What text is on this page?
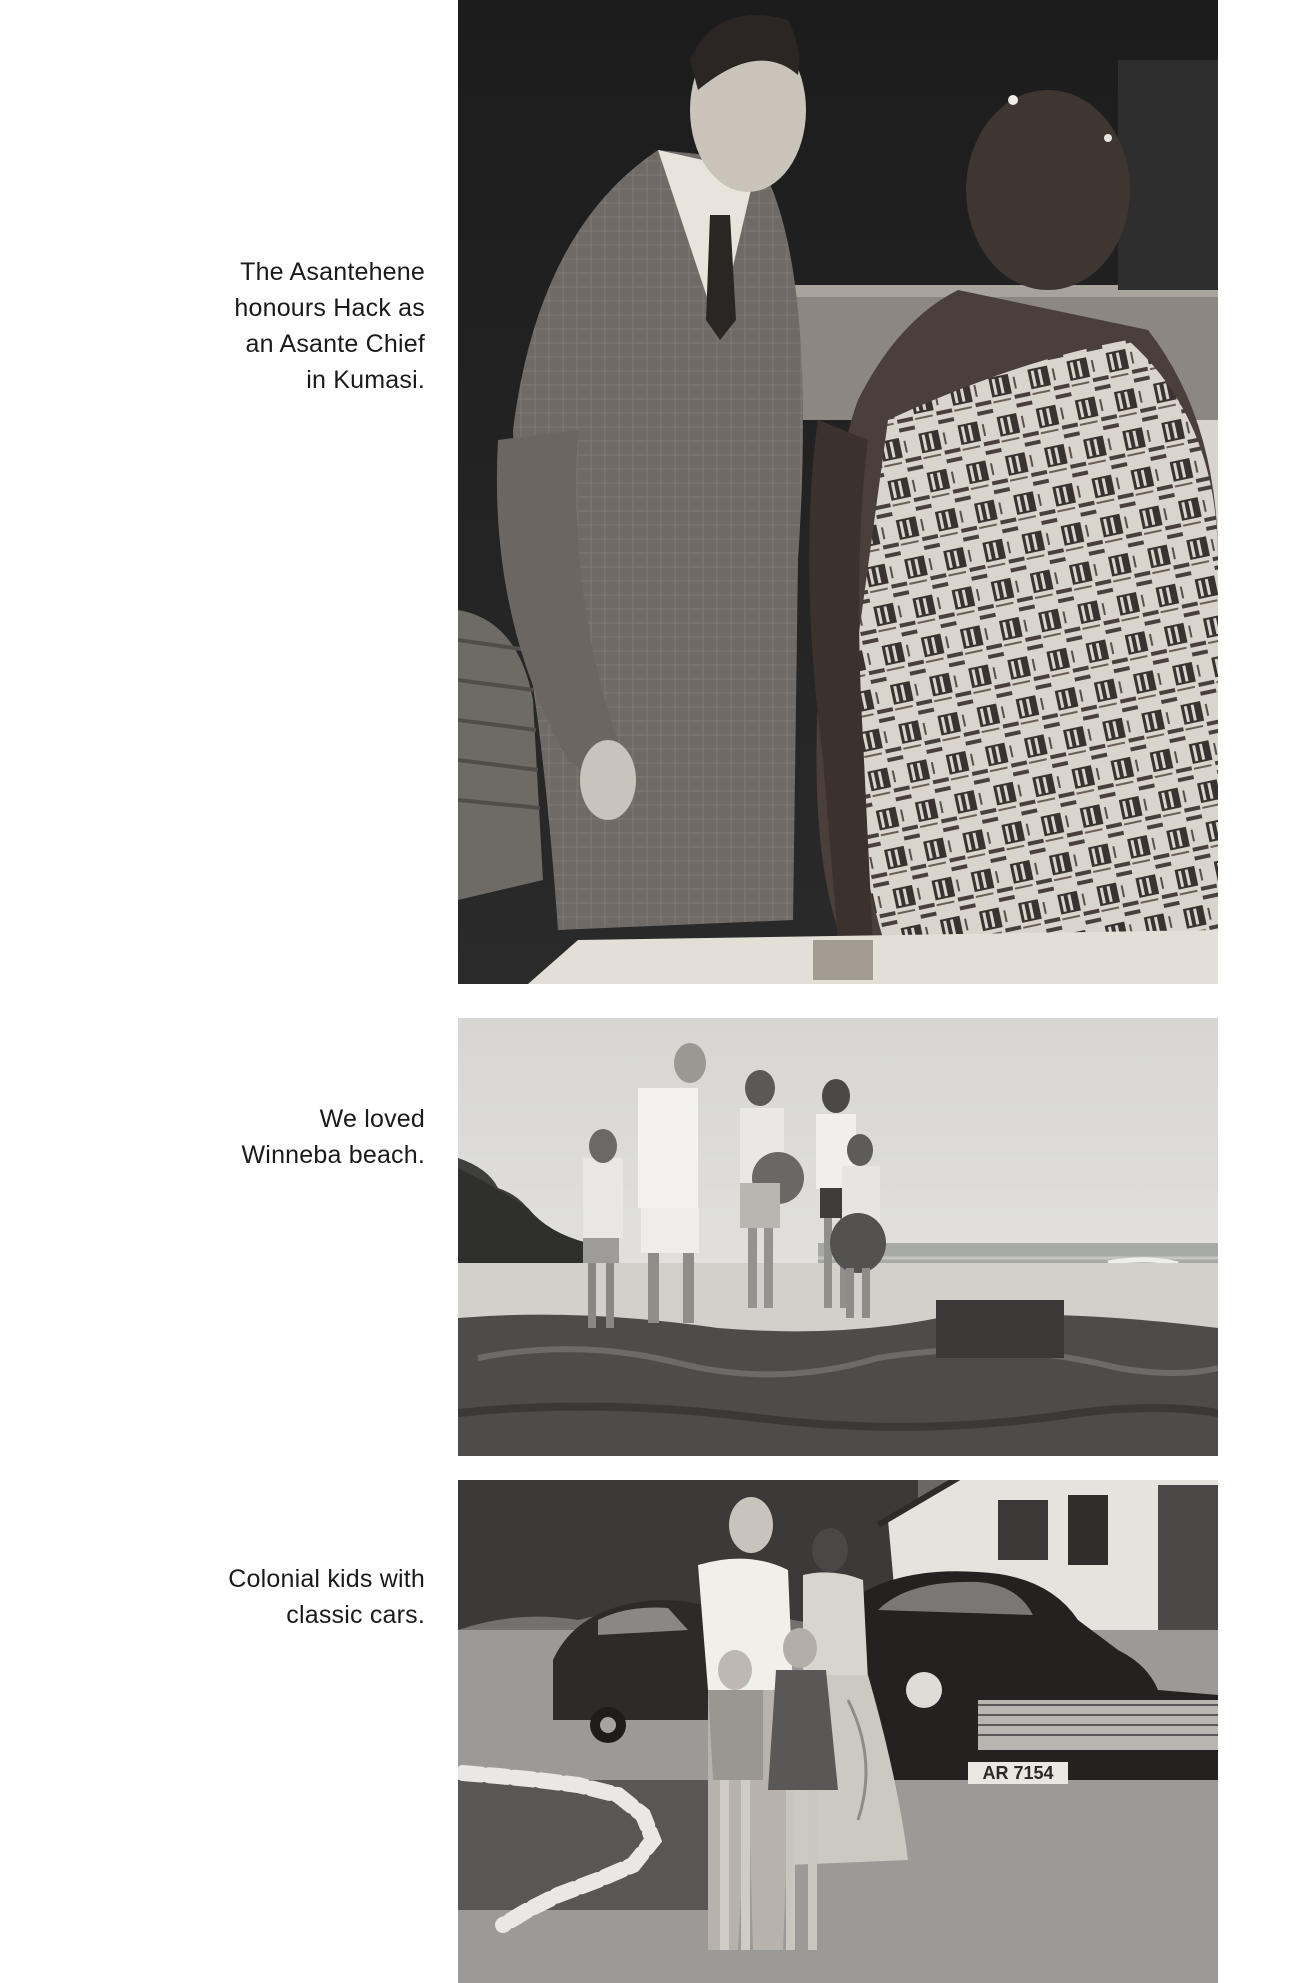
The Asantehene
honours Hack as
an Asante Chief
in Kumasi.
We loved
Winneba beach.
Colonial kids with
classic cars.
AR 7154
